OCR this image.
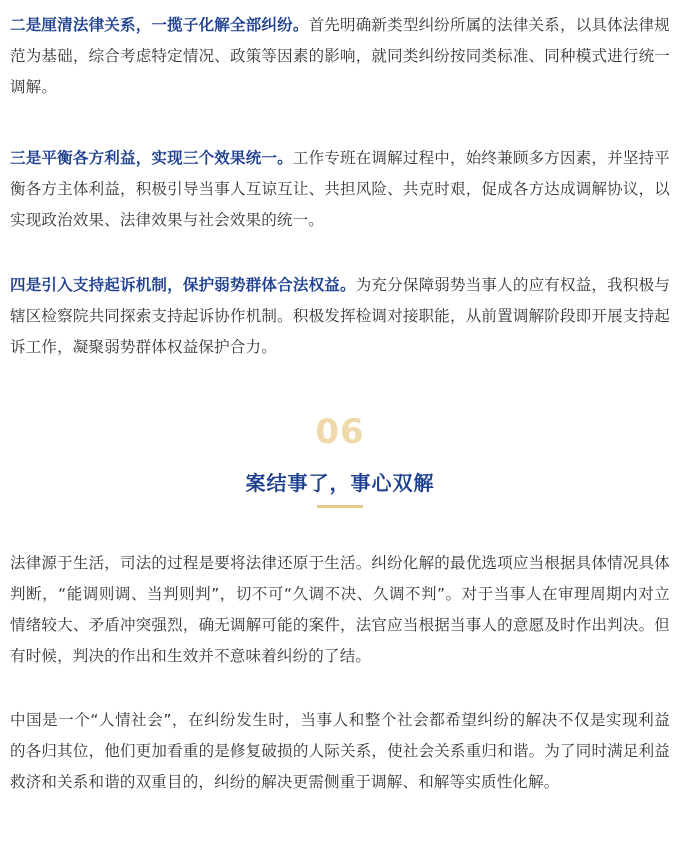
二是厘清法律关系，一揽子化解全部纠纷。首先明确新类型纠纷所属的法律关系，以具体法律规范为基础，综合考虑特定情况、政策等因素的影响，就同类纠纷按同类标准、同种模式进行统一调解。

三是平衡各方利益，实现三个效果统一。工作专班在调解过程中，始终兼顾多方因素，并坚持平衡各方主体利益，积极引导当事人互谅互让、共担风险、共克时艰，促成各方达成调解协议，以实现政治效果、法律效果与社会效果的统一。

四是引入支持起诉机制，保护弱势群体合法权益。为充分保障弱势当事人的应有权益，我积极与辖区检察院共同探索支持起诉协作机制。积极发挥检调对接职能，从前置调解阶段即开展支持起诉工作，凝聚弱势群体权益保护合力。

06
案结事了，事心双解

法律源于生活，司法的过程是要将法律还原于生活。纠纷化解的最优选项应当根据具体情况具体判断，“能调则调、当判则判”，切不可“久调不决、久调不判”。对于当事人在审理周期内对立情绪较大、矛盾冲突强烈，确无调解可能的案件，法官应当根据当事人的意愿及时作出判决。但有时候，判决的作出和生效并不意味着纠纷的了结。

中国是一个“人情社会”，在纠纷发生时，当事人和整个社会都希望纠纷的解决不仅是实现利益的各归其位，他们更加看重的是修复破损的人际关系，使社会关系重归和谐。为了同时满足利益救济和关系和谐的双重目的，纠纷的解决更需侧重于调解、和解等实质性化解。
